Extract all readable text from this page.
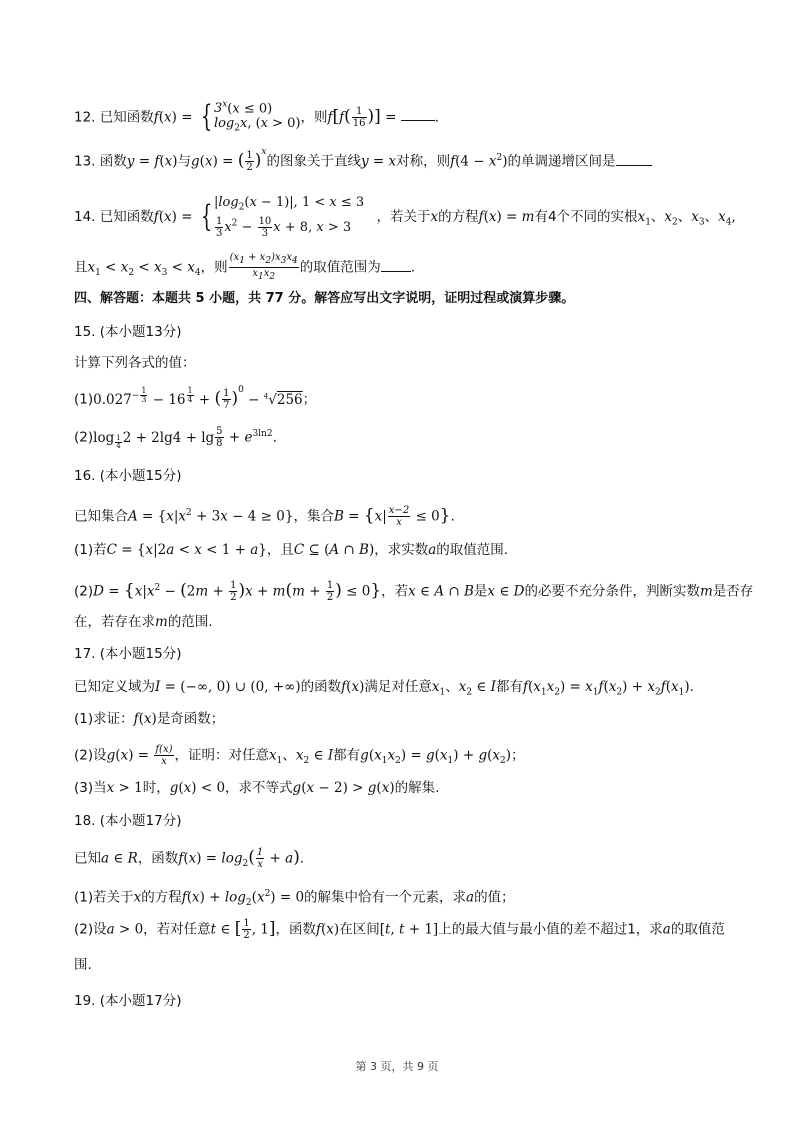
12. 已知函数f(x) = { $3^x(x \le 0)$
$\log_2x$, (x > 0) ，则$f[f( \frac{1}{16}$ )] =	.
13. 函数y = f(x)与g(x) = ( $\frac{1}{2} )^x$的图象关于直线y = x对称，则$f(4 - x^2)$的单调递增区间是
14. 已知函数f(x) = { $|\log_2(x - 1)|$, 1 < x ≤ 3
$\frac{1}{3} x^2 - \frac{10}{3}$ x + 8, x > 3
，若关于x的方程f(x) = m有4个不同的实根$x_1$、$x_2$、$x_3$、$x_4$,
且$x_1 < x_2 < x_3 < x_4$，则 $\frac{(x_1 + x_2)x_3x_4}{x_1x_2}$ 的取值范围为 .
四、解答题：本题共 5 小题，共 77 分。解答应写出文字说明，证明过程或演算步骤。
15. (本小题13分)
计算下列各式的值：
$(1)0.027^{- \frac{1}{3}} - 16$ $^{\frac{1}{4}}$ + ( $\frac{1}{7} )^0 - ^4√256$；
(2)log $_{\frac{1}{4}}$ $2 + 2\lg 4 + \lg \frac{5}{8} + e^{3ln2}$.
16. (本小题15分)
已知集合$A = \{x|x^2 + 3x - 4 \ge 0\}$，集合$B = \{x| \frac{x-2}{x} \le 0\}$.
(1)若C = {x|2a < x < 1 + a}，且C ⊆ (A ∩ B)，求实数a的取值范围.
$(2)D = \{x|x^2 - (2m + \frac{1}{2} )x + m(m + \frac{1}{2}$ ) ≤ 0}，若x ∈ A ∩ B是x ∈ D的必要不充分条件，判断实数m是否存
在，若存在求m的范围.
17. (本小题15分)
已知定义域为I = (−∞, 0) ∪ (0, +∞)的函数f(x)满足对任意$x_1$、$x_2$ ∈ I都有$f(x_1x_2) = x_1f(x_2) + x_2f(x_1)$.
(1)求证：f(x)是奇函数；
(2)设$g(x) = \frac{f(x)}{x}$ ，证明：对任意$x_1$、$x_2$ ∈ I都有$g(x_1x_2) = g(x_1) + g(x_2)$；
(3)当x > 1时，g(x) < 0，求不等式g(x − 2) > g(x)的解集.
18. (本小题17分)
已知a ∈ R，函数$f(x) = \log_2( \frac{1}{x} + a)$.
(1)若关于x的方程$f(x) + \log_2(x^2) = 0$的解集中恰有一个元素，求a的值；
(2)设a > 0，若对任意t ∈ [ $\frac{1}{2}$ , 1]，函数f(x)在区间[t, t + 1]上的最大值与最小值的差不超过1，求a的取值范
围.
19. (本小题17分)
第 3 页，共 9 页
